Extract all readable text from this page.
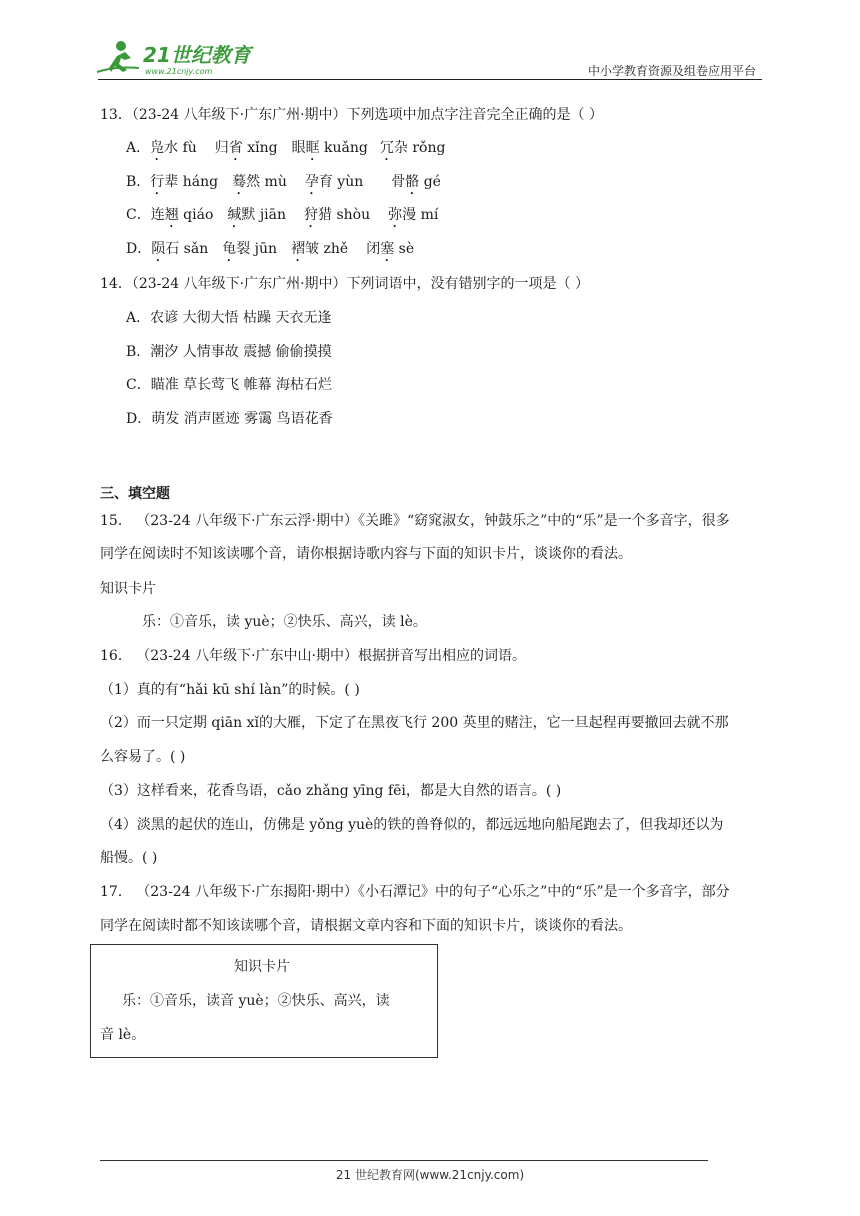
21世纪教育
www.21cnjy.com	中小学教育资源及组卷应用平台
13．（23-24 八年级下·广东广州·期中）下列选项中加点字注音完全正确的是（ ）
A．凫水 fù 归省 xǐng 眼眶 kuǎng 冗杂 rǒng
B．行辈 háng 蓦然 mù 孕育 yùn 骨骼 gé
C．连翘 qiáo 缄默 jiān 狩猎 shòu 弥漫 mí
D．陨石 sǎn 龟裂 jūn 褶皱 zhě 闭塞 sè
14．（23-24 八年级下·广东广州·期中）下列词语中，没有错别字的一项是（ ）
A．农谚 大彻大悟 枯躁 天衣无逢
B．潮汐 人情事故 震撼 偷偷摸摸
C．瞄准 草长莺飞 帷幕 海枯石烂
D．萌发 消声匿迹 雾霭 鸟语花香
三、填空题
15． （23-24 八年级下·广东云浮·期中）《关雎》“窈窕淑女，钟鼓乐之”中的“乐”是一个多音字，很多
同学在阅读时不知该读哪个音，请你根据诗歌内容与下面的知识卡片，谈谈你的看法。
知识卡片
乐：①音乐，读 yuè；②快乐、高兴，读 lè。
16． （23-24 八年级下·广东中山·期中）根据拼音写出相应的词语。
（1）真的有“hǎi kū shí làn”的时候。( )
（2）而一只定期 qiān xǐ的大雁，下定了在黑夜飞行 200 英里的赌注，它一旦起程再要撤回去就不那
么容易了。( )
（3）这样看来，花香鸟语，cǎo zhǎng yīng fēi，都是大自然的语言。( )
（4）淡黑的起伏的连山，仿佛是 yǒng yuè的铁的兽脊似的，都远远地向船尾跑去了，但我却还以为
船慢。( )
17． （23-24 八年级下·广东揭阳·期中）《小石潭记》中的句子“心乐之”中的“乐”是一个多音字，部分
同学在阅读时都不知该读哪个音，请根据文章内容和下面的知识卡片，谈谈你的看法。
知识卡片
乐：①音乐，读音 yuè；②快乐、高兴，读
音 lè。
21 世纪教育网(www.21cnjy.com)
